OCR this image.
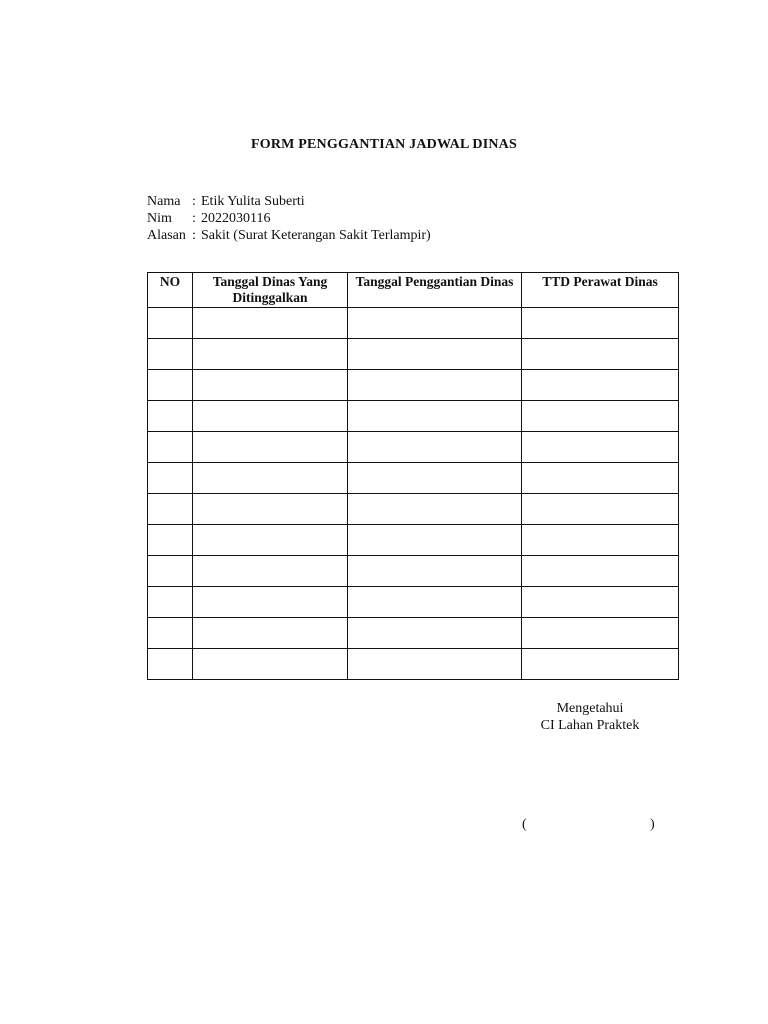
FORM PENGGANTIAN JADWAL DINAS
Nama : Etik Yulita Suberti
Nim	: 2022030116
Alasan : Sakit (Surat Keterangan Sakit Terlampir)
NO	Tanggal Dinas Yang Ditinggalkan	Tanggal Penggantian Dinas	TTD Perawat Dinas

Mengetahui
CI Lahan Praktek
(	)
